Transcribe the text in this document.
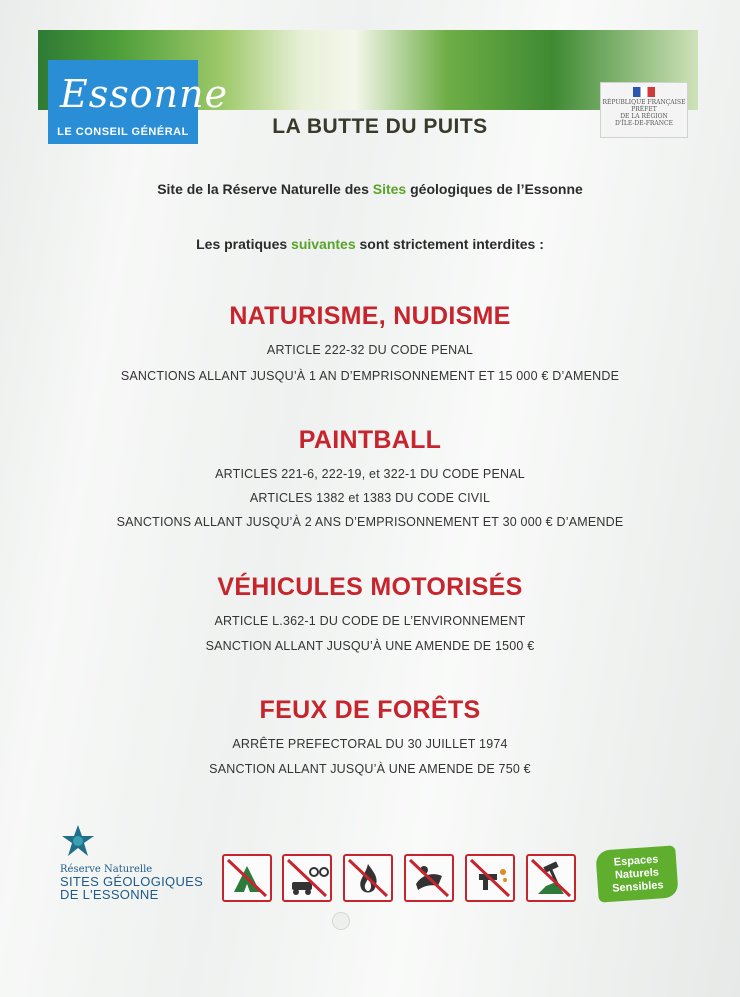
Essonne
LE CONSEIL GÉNÉRAL
RÉPUBLIQUE FRANÇAISE
PRÉFET
DE LA RÉGION
D'ÎLE-DE-FRANCE
LA BUTTE DU PUITS
Site de la Réserve Naturelle des Sites géologiques de l’Essonne
Les pratiques suivantes sont strictement interdites :
NATURISME, NUDISME
ARTICLE 222-32 DU CODE PENAL
SANCTIONS ALLANT JUSQU’À 1 AN D’EMPRISONNEMENT ET 15 000 € D’AMENDE
PAINTBALL
ARTICLES 221-6, 222-19, et 322-1 DU CODE PENAL
ARTICLES 1382 et 1383 DU CODE CIVIL
SANCTIONS ALLANT JUSQU’À 2 ANS D’EMPRISONNEMENT ET 30 000 € D’AMENDE
VÉHICULES MOTORISÉS
ARTICLE L.362-1 DU CODE DE L’ENVIRONNEMENT
SANCTION ALLANT JUSQU’À UNE AMENDE DE 1500 €
FEUX DE FORÊTS
ARRÊTE PREFECTORAL DU 30 JUILLET 1974
SANCTION ALLANT JUSQU’À UNE AMENDE DE 750 €
Réserve Naturelle
SITES GÉOLOGIQUES
DE L'ESSONNE
Espaces
Naturels
Sensibles
